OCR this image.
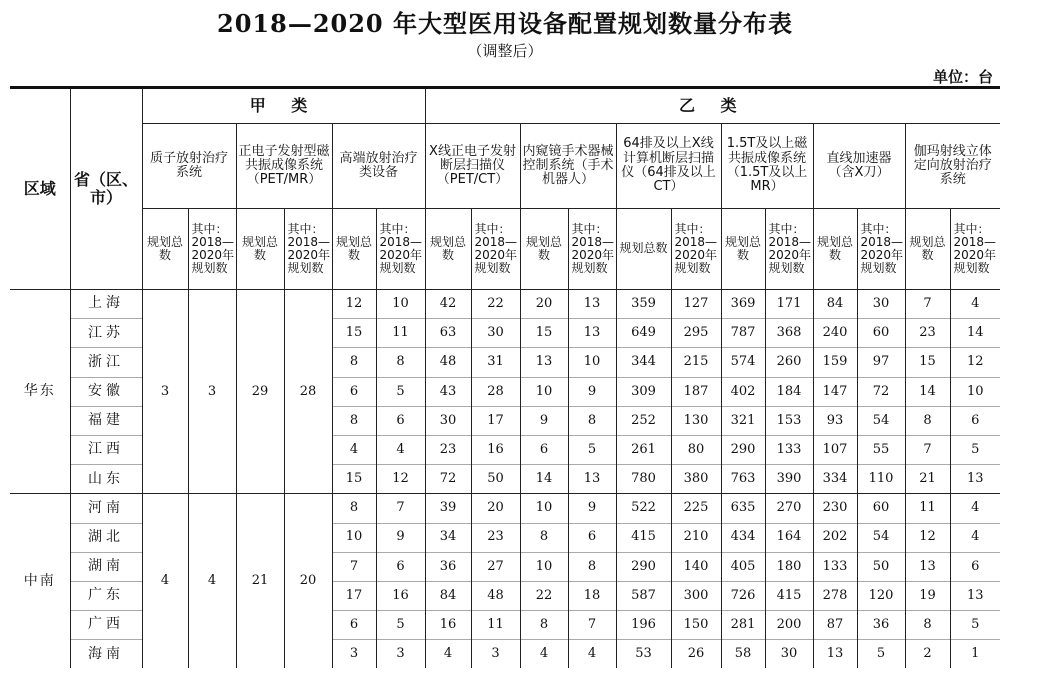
2018—2020 年大型医用设备配置规划数量分布表
（调整后）
单位：台
区域	省（区、市）	甲 类						乙 类											
		质子放射治疗系统		正电子发射型磁共振成像系统（PET/MR）		高端放射治疗类设备		X线正电子发射断层扫描仪（PET/CT）		内窥镜手术器械控制系统（手术机器人）		64排及以上X线计算机断层扫描仪（64排及以上CT）		1.5T及以上磁共振成像系统（1.5T及以上 MR）		直线加速器（含X刀）		伽玛射线立体定向放射治疗系统	
		规划总数	其中：2018—2020年规划数	规划总数	其中：2018—2020年规划数	规划总数	其中：2018—2020年规划数	规划总数	其中：2018—2020年规划数	规划总数	其中：2018—2020年规划数	规划总数	其中：2018—2020年规划数	规划总数	其中：2018—2020年规划数	规划总数	其中：2018—2020年规划数	规划总数	其中：2018—2020年规划数
华东	上海	3	3	29	28	12	10	42	22	20	13	359	127	369	171	84	30	7	4
	江苏					15	11	63	30	15	13	649	295	787	368	240	60	23	14
	浙江					8	8	48	31	13	10	344	215	574	260	159	97	15	12
	安徽					6	5	43	28	10	9	309	187	402	184	147	72	14	10
	福建					8	6	30	17	9	8	252	130	321	153	93	54	8	6
	江西					4	4	23	16	6	5	261	80	290	133	107	55	7	5
	山东					15	12	72	50	14	13	780	380	763	390	334	110	21	13
中南	河南	4	4	21	20	8	7	39	20	10	9	522	225	635	270	230	60	11	4
	湖北					10	9	34	23	8	6	415	210	434	164	202	54	12	4
	湖南					7	6	36	27	10	8	290	140	405	180	133	50	13	6
	广东					17	16	84	48	22	18	587	300	726	415	278	120	19	13
	广西					6	5	16	11	8	7	196	150	281	200	87	36	8	5
	海南					3	3	4	3	4	4	53	26	58	30	13	5	2	1
